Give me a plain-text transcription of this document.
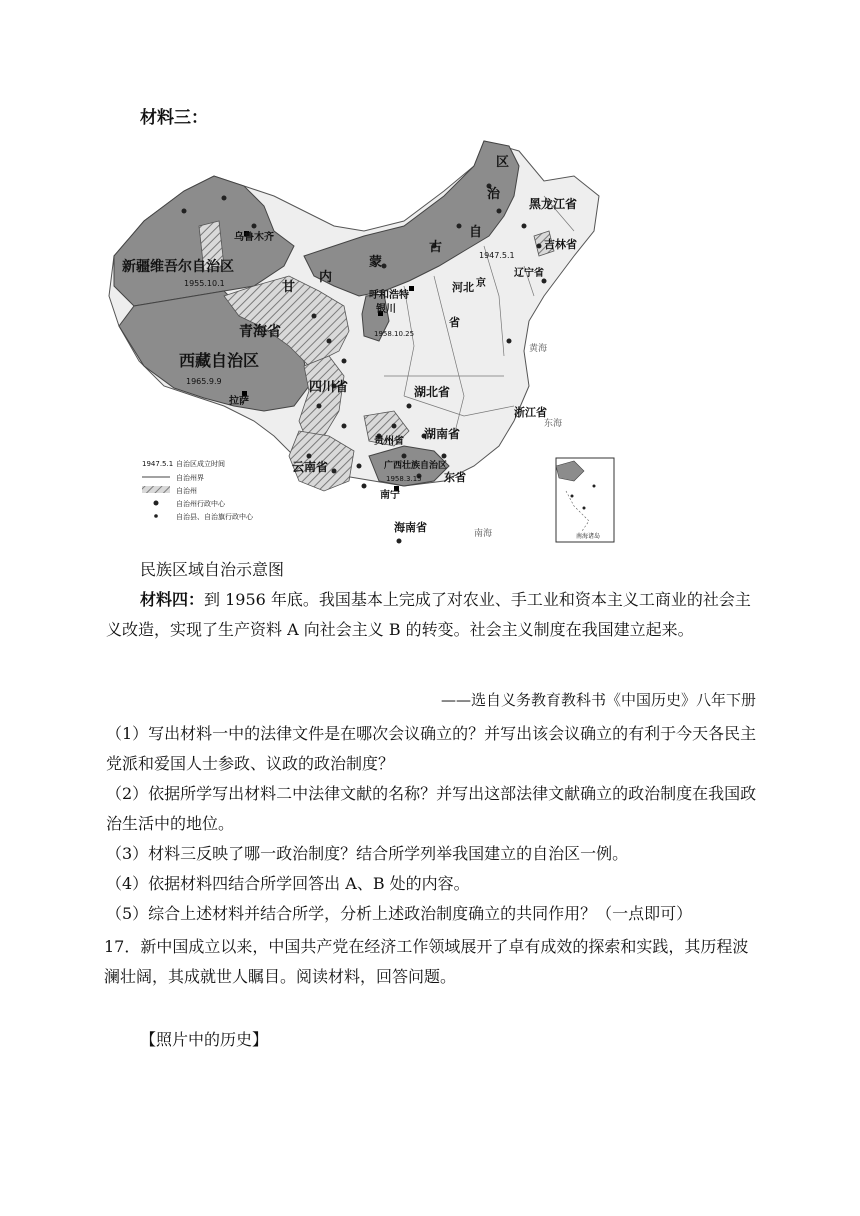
材料三：
新疆维吾尔自治区
乌鲁木齐
1955.10.1	内
蒙
古
自
治
区
1947.5.1
呼和浩特
黑龙江省
吉林省
辽宁省
甘	河北 京
青海省
银川
1958.10.25
省
西藏自治区
1965.9.9
拉萨
四川省	湖北省
湖南省
贵州省
云南省	广西壮族自治区
1958.3.15
南宁
东省
浙江省
海南省
黄海
东海
南海
1947.5.1 自治区成立时间
自治州界
自治州
自治州行政中心
自治县、自治旗行政中心
南海诸岛
民族区域自治示意图

材料四：到 1956 年底。我国基本上完成了对农业、手工业和资本主义工商业的社会主义改造，实现了生产资料 A 向社会主义 B 的转变。社会主义制度在我国建立起来。

——选自义务教育教科书《中国历史》八年下册

（1）写出材料一中的法律文件是在哪次会议确立的？并写出该会议确立的有利于今天各民主党派和爱国人士参政、议政的政治制度？

（2）依据所学写出材料二中法律文献的名称？并写出这部法律文献确立的政治制度在我国政治生活中的地位。

（3）材料三反映了哪一政治制度？结合所学列举我国建立的自治区一例。

（4）依据材料四结合所学回答出 A、B 处的内容。

（5）综合上述材料并结合所学，分析上述政治制度确立的共同作用？（一点即可）

17．新中国成立以来，中国共产党在经济工作领域展开了卓有成效的探索和实践，其历程波澜壮阔，其成就世人瞩目。阅读材料，回答问题。

【照片中的历史】
